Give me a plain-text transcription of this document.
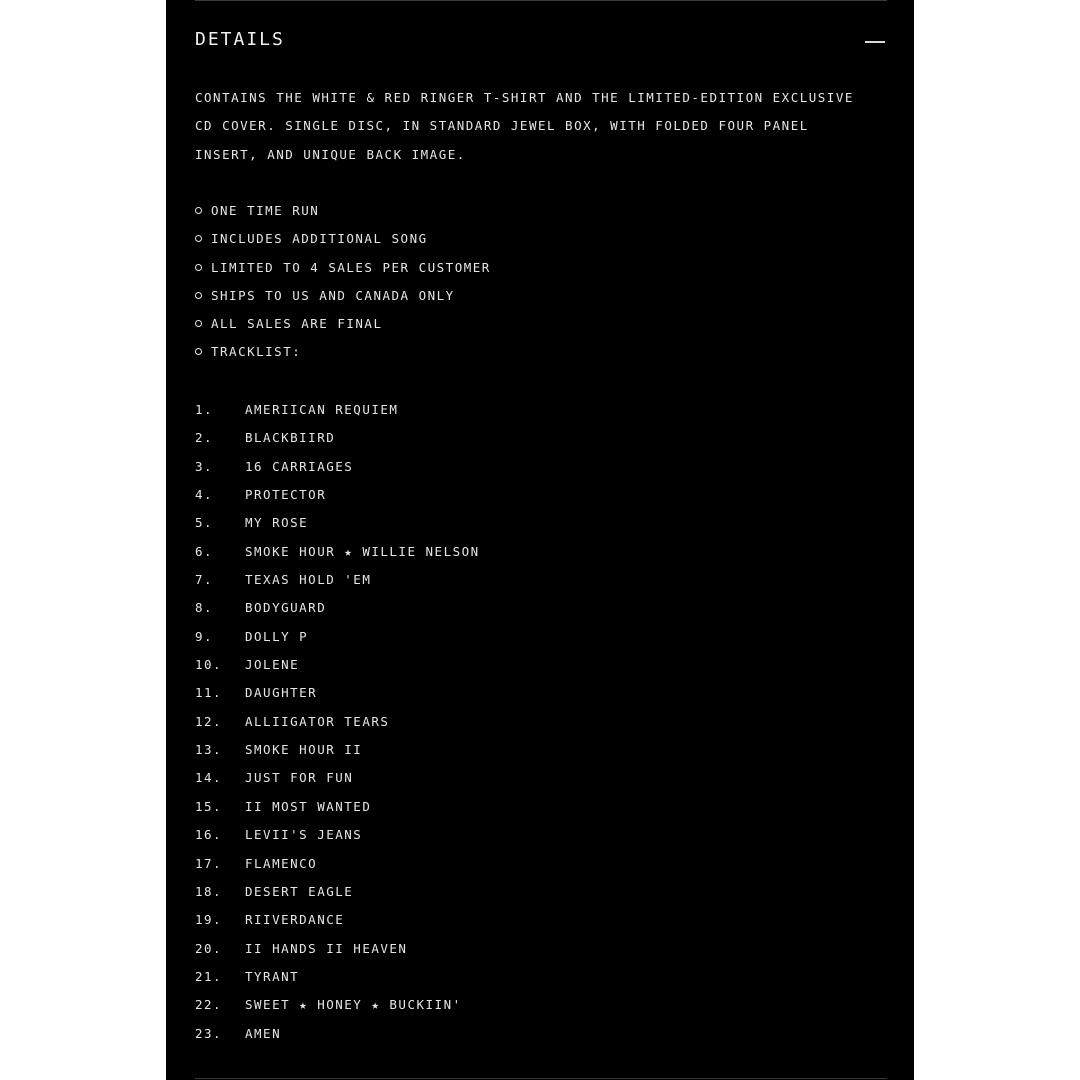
DETAILS
CONTAINS THE WHITE & RED RINGER T-SHIRT AND THE LIMITED-EDITION EXCLUSIVE CD COVER. SINGLE DISC, IN STANDARD JEWEL BOX, WITH FOLDED FOUR PANEL INSERT, AND UNIQUE BACK IMAGE.
ONE TIME RUN
INCLUDES ADDITIONAL SONG
LIMITED TO 4 SALES PER CUSTOMER
SHIPS TO US AND CANADA ONLY
ALL SALES ARE FINAL
TRACKLIST:
1.	AMERIICAN REQUIEM
2.	BLACKBIIRD
3.	16 CARRIAGES
4.	PROTECTOR
5.	MY ROSE
6.	SMOKE HOUR ★ WILLIE NELSON
7.	TEXAS HOLD 'EM
8.	BODYGUARD
9.	DOLLY P
10. JOLENE
11. DAUGHTER
12. ALLIIGATOR TEARS
13. SMOKE HOUR II
14. JUST FOR FUN
15. II MOST WANTED
16. LEVII'S JEANS
17. FLAMENCO
18. DESERT EAGLE
19. RIIVERDANCE
20. II HANDS II HEAVEN
21. TYRANT
22. SWEET ★ HONEY ★ BUCKIIN'
23. AMEN
